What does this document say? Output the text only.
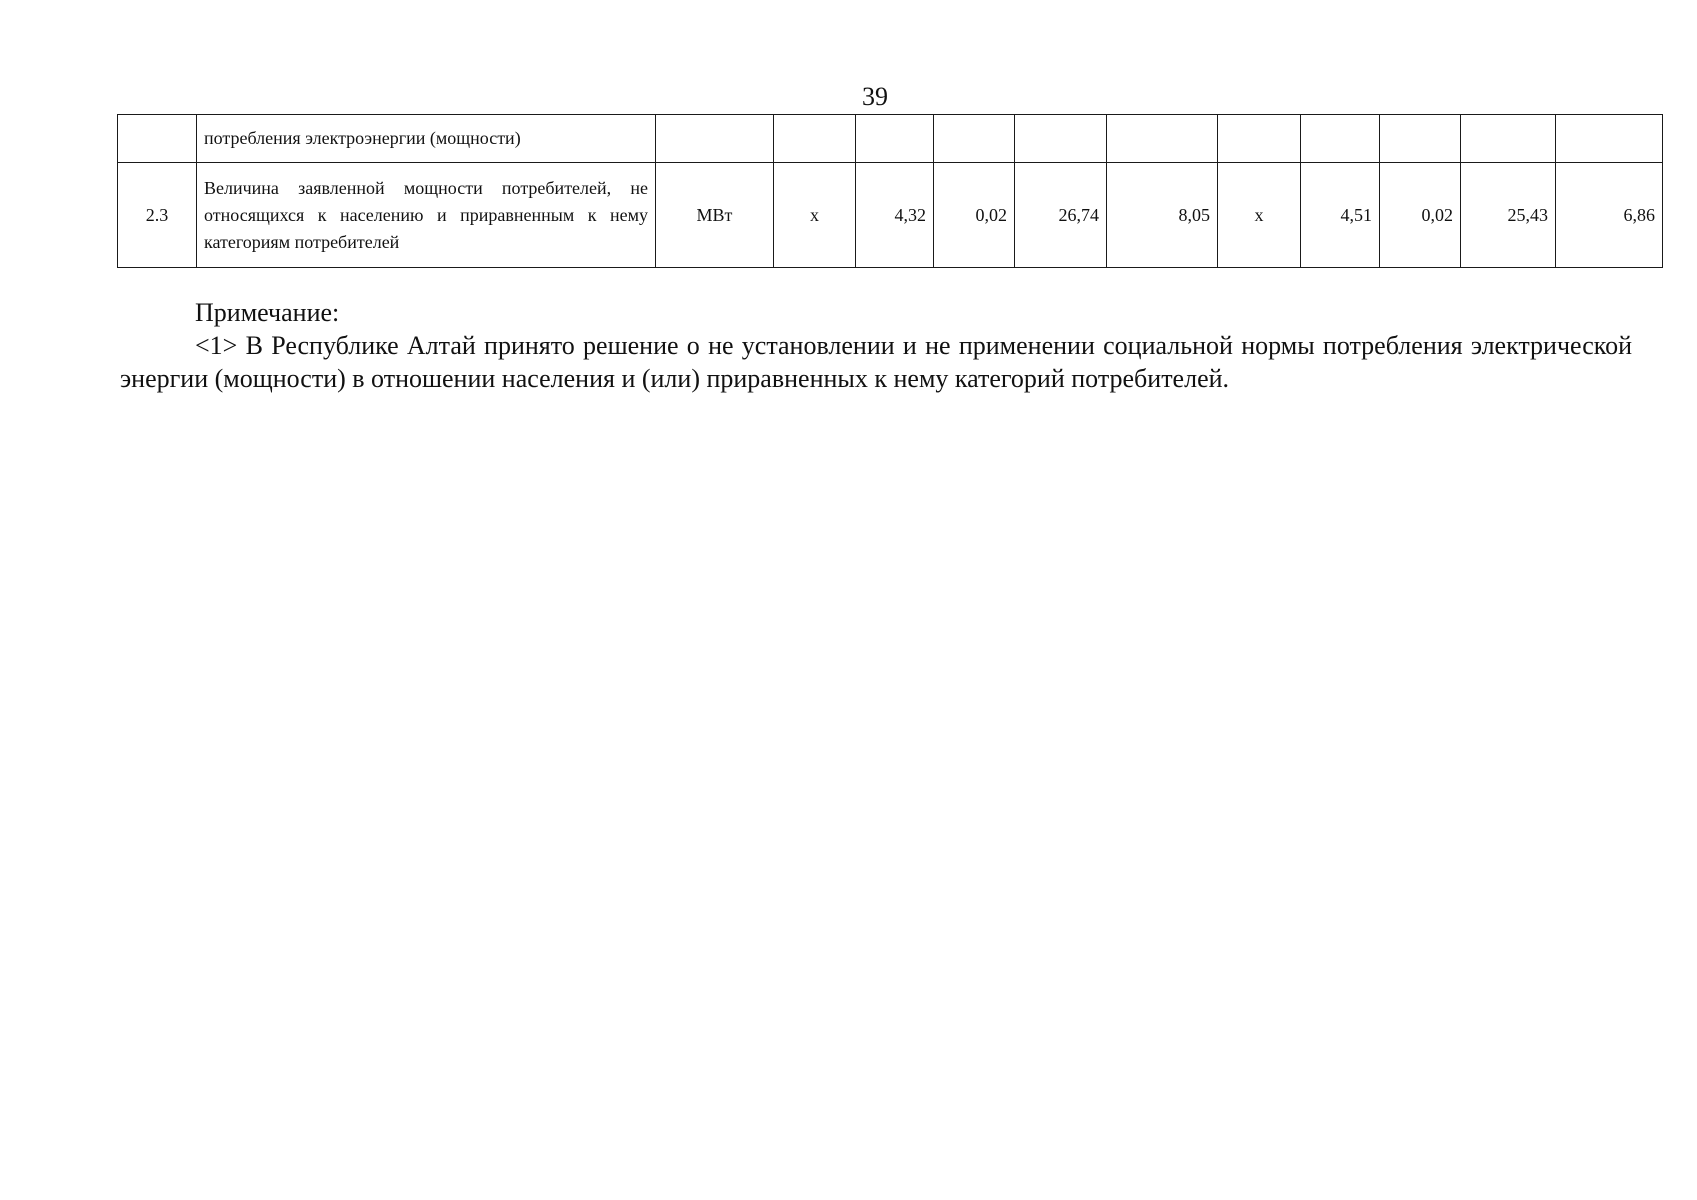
39
	потребления электроэнергии (мощности)											
2.3	Величина заявленной мощности потребителей, не относящихся к населению и приравненным к нему категориям потребителей	МВт	x	4,32	0,02	26,74	8,05	x	4,51	0,02	25,43	6,86

Примечание:

<1> В Республике Алтай принято решение о не установлении и не применении социальной нормы потребления электрической энергии (мощности) в отношении населения и (или) приравненных к нему категорий потребителей.
